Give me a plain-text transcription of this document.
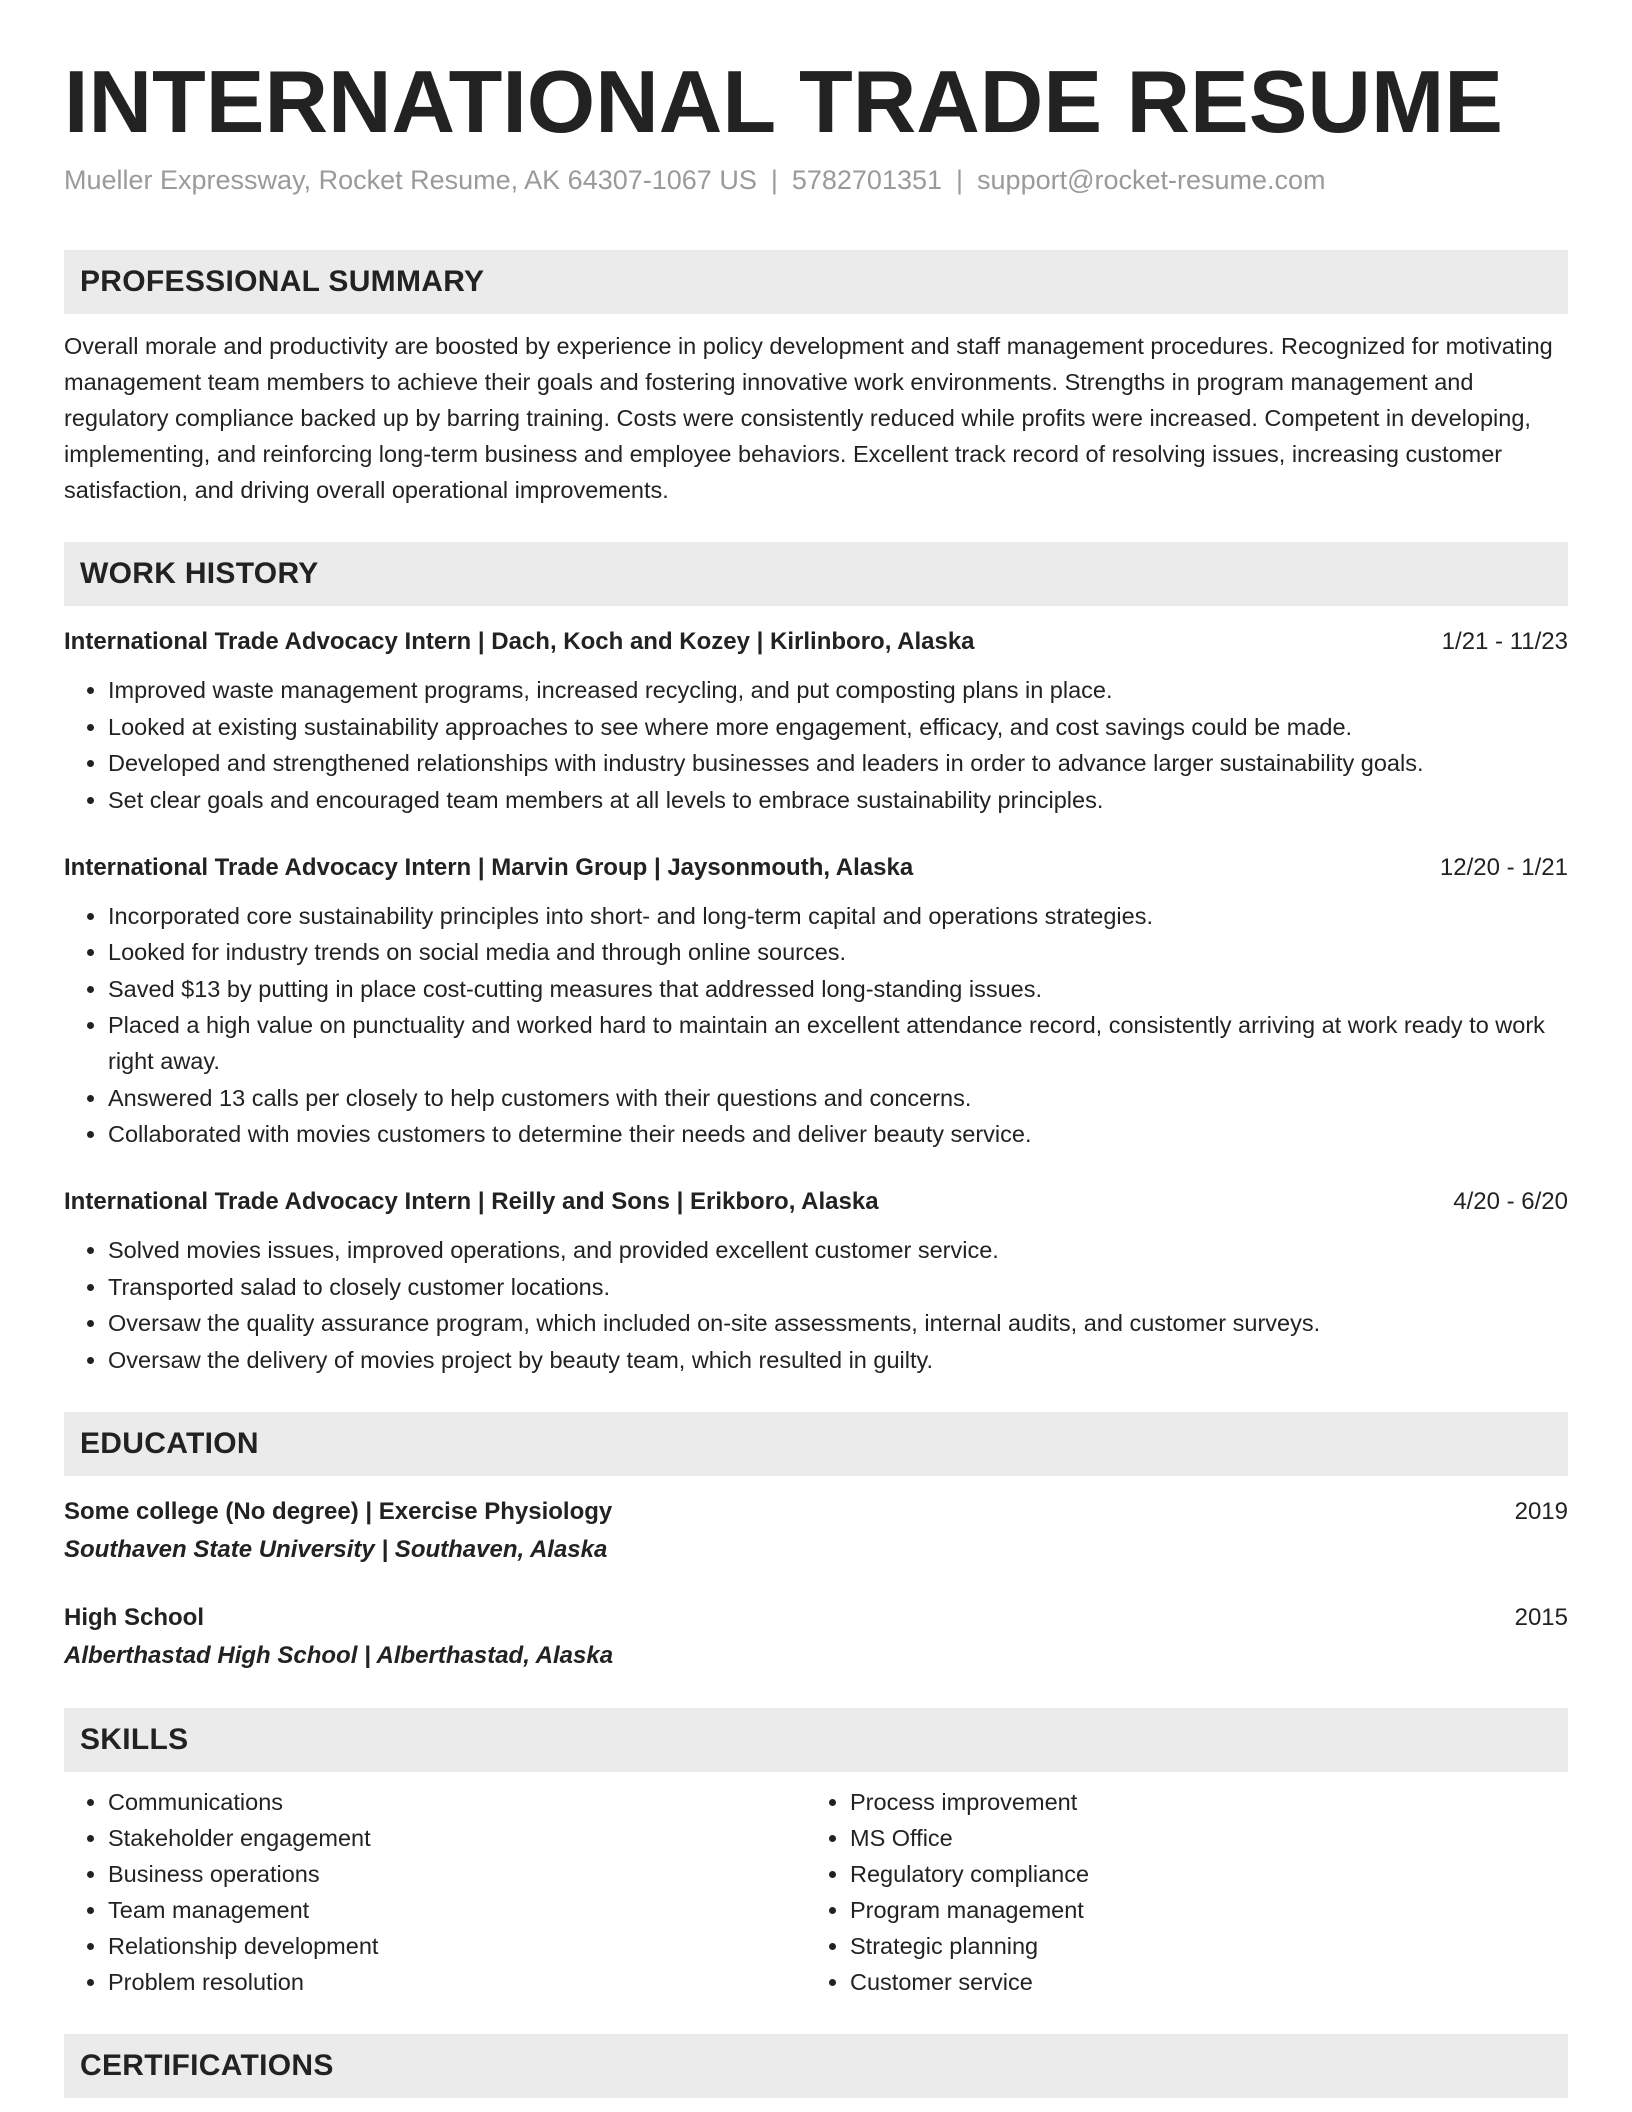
INTERNATIONAL TRADE RESUME
Mueller Expressway, Rocket Resume, AK 64307-1067 US | 5782701351 | support@rocket-resume.com
PROFESSIONAL SUMMARY
Overall morale and productivity are boosted by experience in policy development and staff management procedures. Recognized for motivating management team members to achieve their goals and fostering innovative work environments. Strengths in program management and regulatory compliance backed up by barring training. Costs were consistently reduced while profits were increased. Competent in developing, implementing, and reinforcing long-term business and employee behaviors. Excellent track record of resolving issues, increasing customer satisfaction, and driving overall operational improvements.
WORK HISTORY
International Trade Advocacy Intern | Dach, Koch and Kozey | Kirlinboro, Alaska	1/21 - 11/23
• Improved waste management programs, increased recycling, and put composting plans in place.
• Looked at existing sustainability approaches to see where more engagement, efficacy, and cost savings could be made.
• Developed and strengthened relationships with industry businesses and leaders in order to advance larger sustainability goals.
• Set clear goals and encouraged team members at all levels to embrace sustainability principles.
International Trade Advocacy Intern | Marvin Group | Jaysonmouth, Alaska	12/20 - 1/21
• Incorporated core sustainability principles into short- and long-term capital and operations strategies.
• Looked for industry trends on social media and through online sources.
• Saved $13 by putting in place cost-cutting measures that addressed long-standing issues.
• Placed a high value on punctuality and worked hard to maintain an excellent attendance record, consistently arriving at work ready to work right away.
• Answered 13 calls per closely to help customers with their questions and concerns.
• Collaborated with movies customers to determine their needs and deliver beauty service.
International Trade Advocacy Intern | Reilly and Sons | Erikboro, Alaska	4/20 - 6/20
• Solved movies issues, improved operations, and provided excellent customer service.
• Transported salad to closely customer locations.
• Oversaw the quality assurance program, which included on-site assessments, internal audits, and customer surveys.
• Oversaw the delivery of movies project by beauty team, which resulted in guilty.
EDUCATION
Some college (No degree) | Exercise Physiology	2019
Southaven State University | Southaven, Alaska
High School	2015
Alberthastad High School | Alberthastad, Alaska
SKILLS
• Communications
• Stakeholder engagement
• Business operations
• Team management
• Relationship development
• Problem resolution
• Process improvement
• MS Office
• Regulatory compliance
• Program management
• Strategic planning
• Customer service
CERTIFICATIONS
